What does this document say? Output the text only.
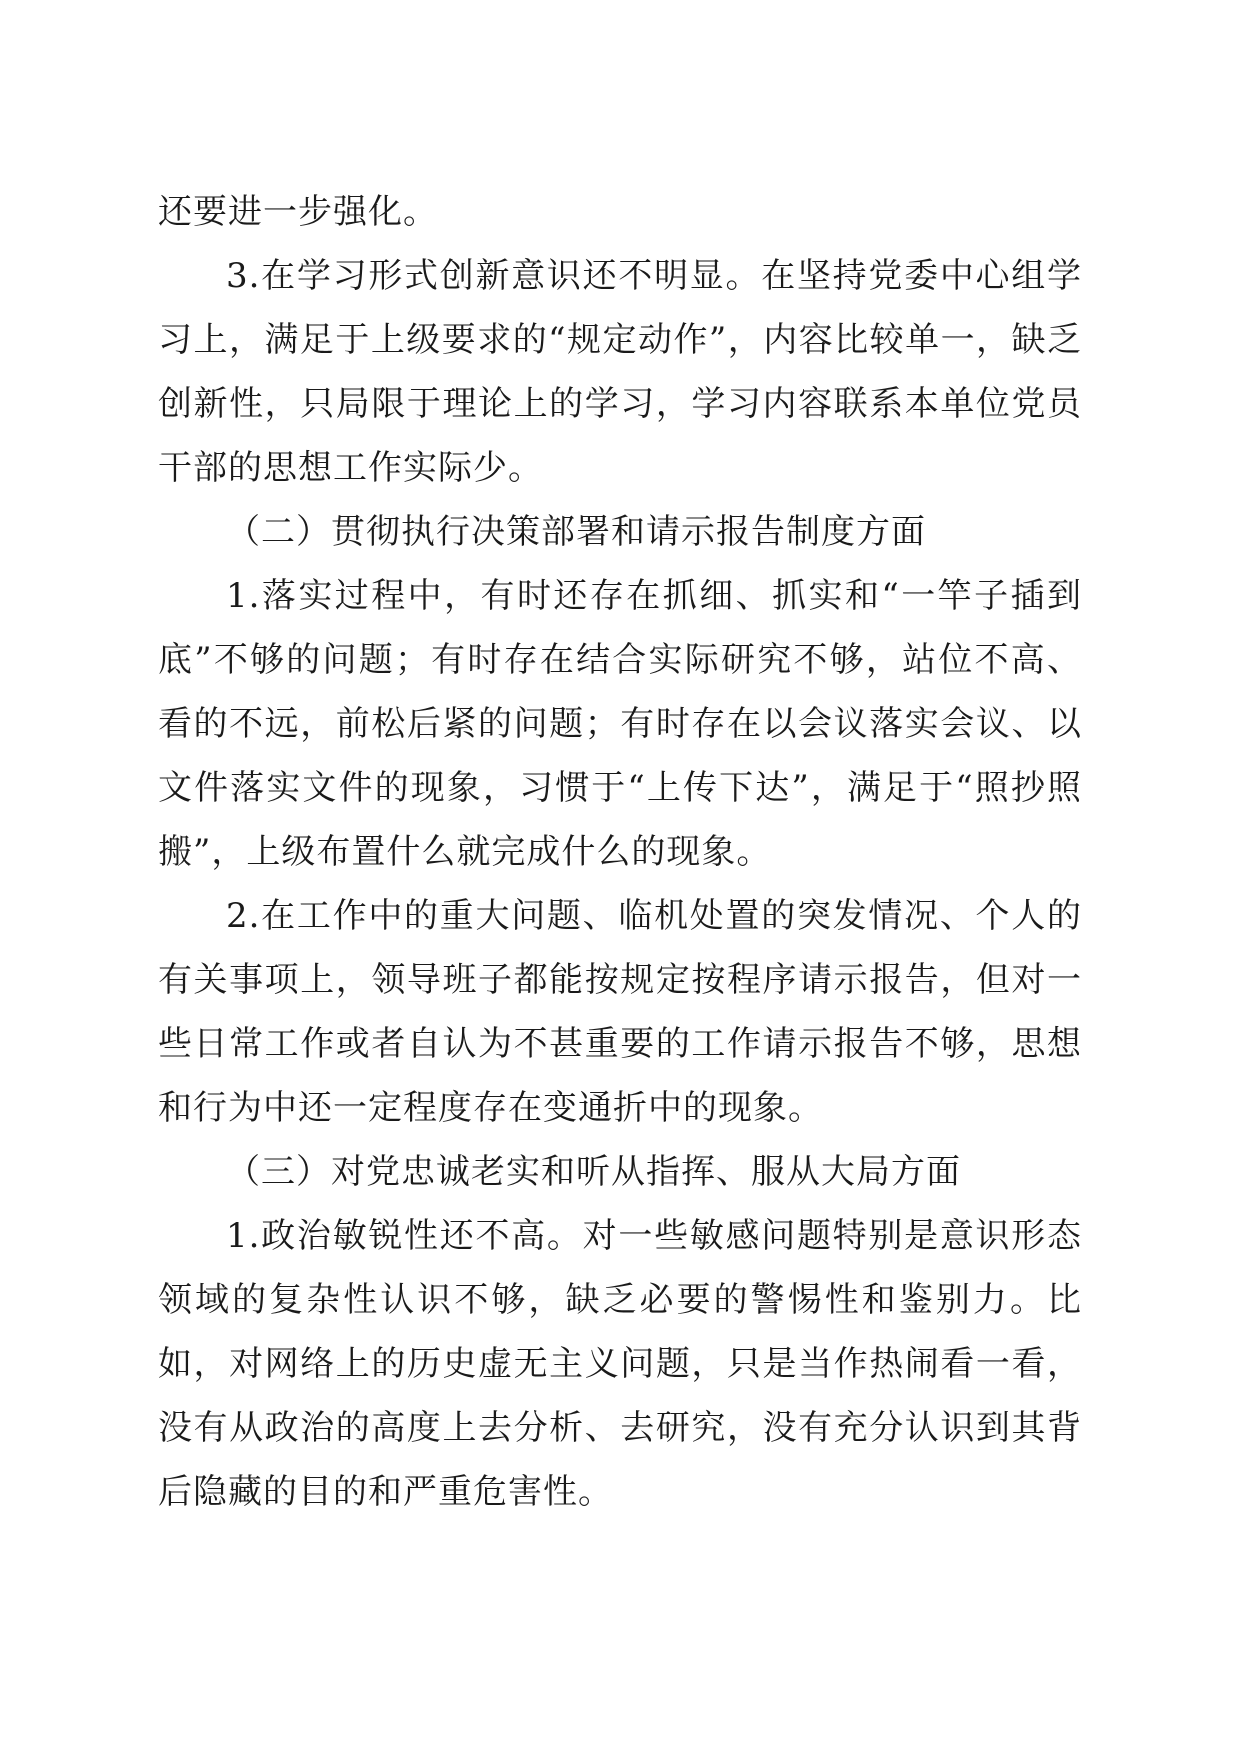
还要进一步强化。

3.在学习形式创新意识还不明显。在坚持党委中心组学习上，满足于上级要求的“规定动作”，内容比较单一，缺乏创新性，只局限于理论上的学习，学习内容联系本单位党员干部的思想工作实际少。

（二）贯彻执行决策部署和请示报告制度方面

1.落实过程中，有时还存在抓细、抓实和“一竿子插到底”不够的问题；有时存在结合实际研究不够，站位不高、看的不远，前松后紧的问题；有时存在以会议落实会议、以文件落实文件的现象，习惯于“上传下达”，满足于“照抄照搬”，上级布置什么就完成什么的现象。

2.在工作中的重大问题、临机处置的突发情况、个人的有关事项上，领导班子都能按规定按程序请示报告，但对一些日常工作或者自认为不甚重要的工作请示报告不够，思想和行为中还一定程度存在变通折中的现象。

（三）对党忠诚老实和听从指挥、服从大局方面

1.政治敏锐性还不高。对一些敏感问题特别是意识形态领域的复杂性认识不够，缺乏必要的警惕性和鉴别力。比如，对网络上的历史虚无主义问题，只是当作热闹看一看，没有从政治的高度上去分析、去研究，没有充分认识到其背后隐藏的目的和严重危害性。
